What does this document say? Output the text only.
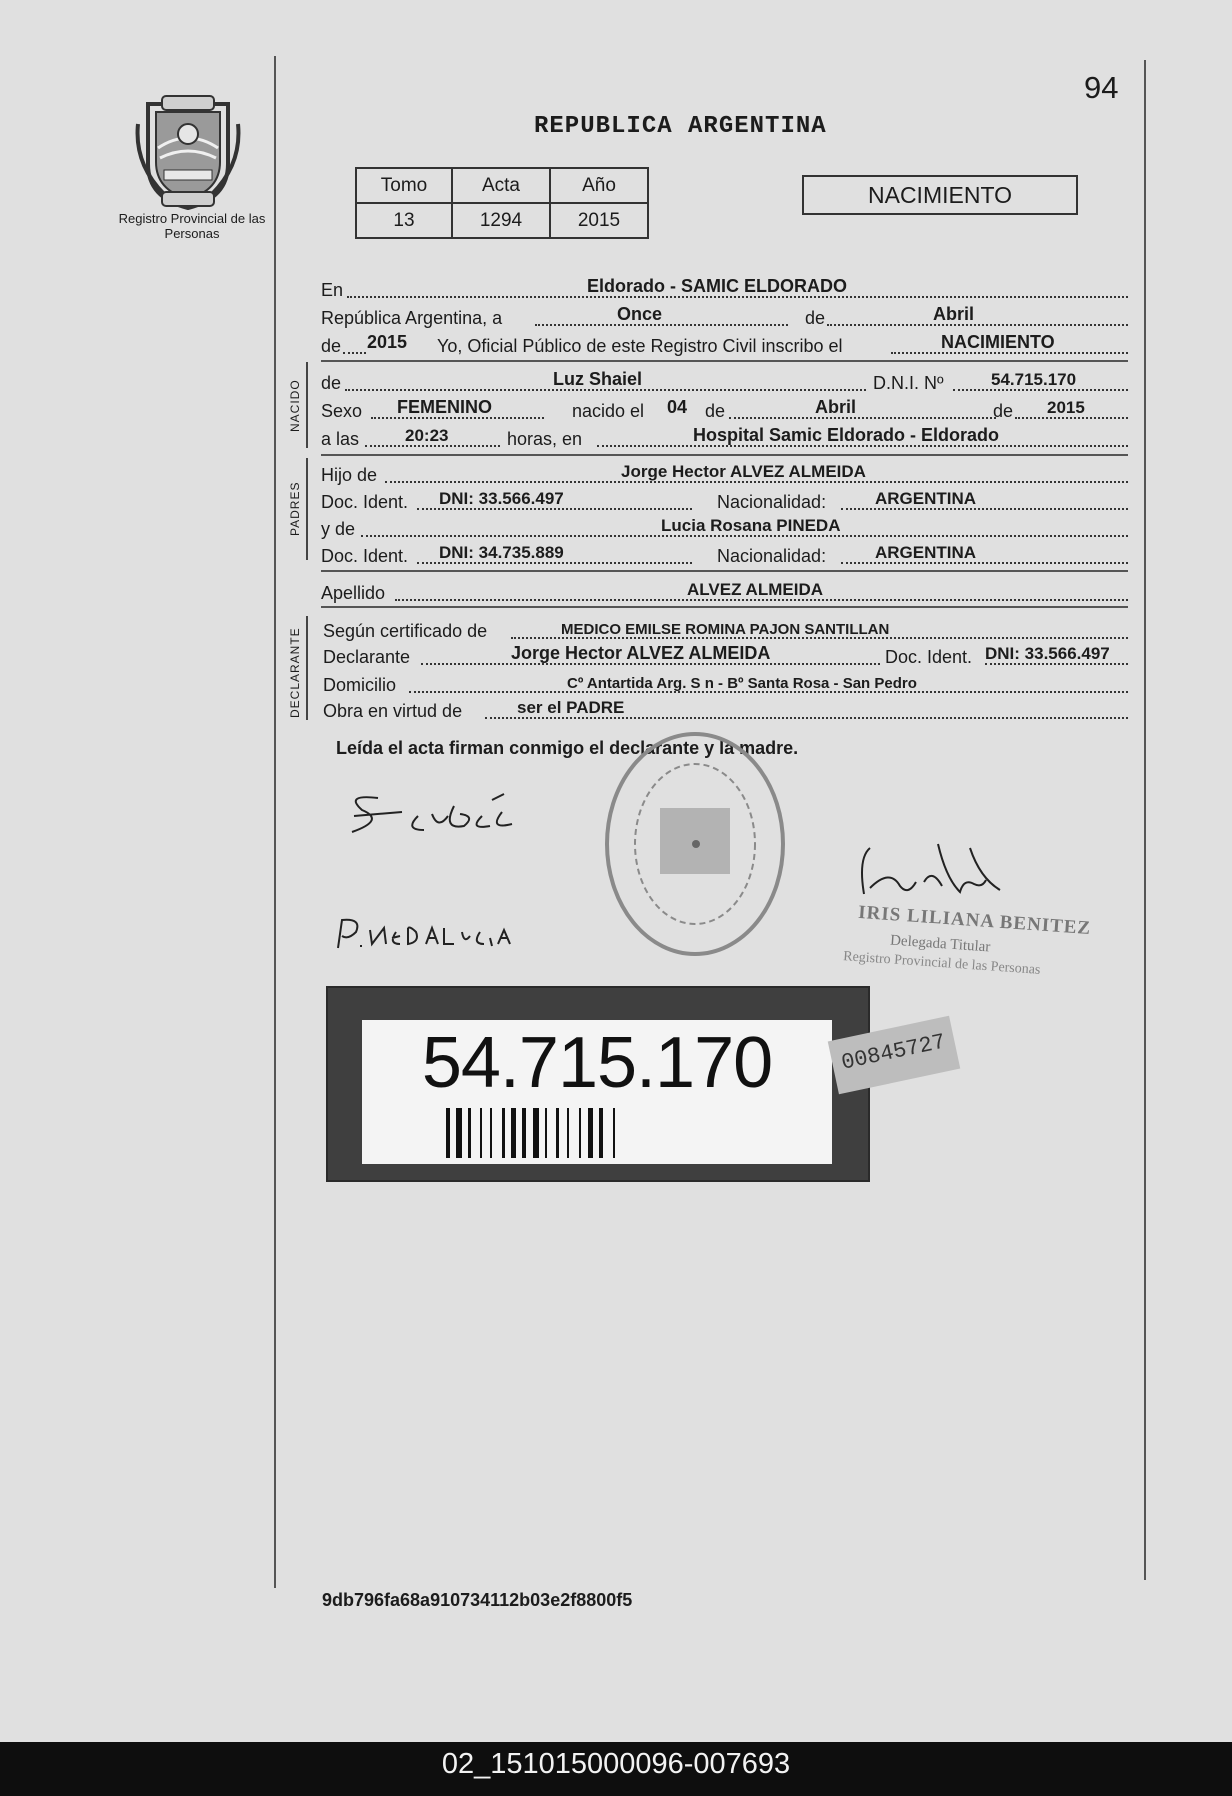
94
Registro Provincial de las Personas
REPUBLICA ARGENTINA
Tomo	Acta	Año
13	1294	2015
NACIMIENTO
En	Eldorado - SAMIC ELDORADO
República Argentina, a	Once	de	Abril
de 2015 Yo, Oficial Público de este Registro Civil inscribo el	NACIMIENTO
NACIDO de	Luz Shaiel	D.N.I. Nº	54.715.170
Sexo FEMENINO	nacido el 04 de	Abril	de 2015
a las	20:23	horas, en	Hospital Samic Eldorado - Eldorado
PADRES
Hijo de	Jorge Hector ALVEZ ALMEIDA
Doc. Ident. DNI: 33.566.497	Nacionalidad:	ARGENTINA
y de	Lucia Rosana PINEDA
Doc. Ident. DNI: 34.735.889	Nacionalidad:	ARGENTINA
Apellido	ALVEZ ALMEIDA
DECLARANTE Según certificado de	MEDICO EMILSE ROMINA PAJON SANTILLAN
Declarante	Jorge Hector ALVEZ ALMEIDA	Doc. Ident. DNI: 33.566.497
Domicilio	Cº Antartida Arg. S n - Bº Santa Rosa - San Pedro
Obra en virtud de	ser el PADRE
Leída el acta firman conmigo el declarante y la madre.
IRIS LILIANA BENITEZ
Delegada Titular
Registro Provincial de las Personas
54.715.170	00845727
9db796fa68a910734112b03e2f8800f5
02_151015000096-007693
